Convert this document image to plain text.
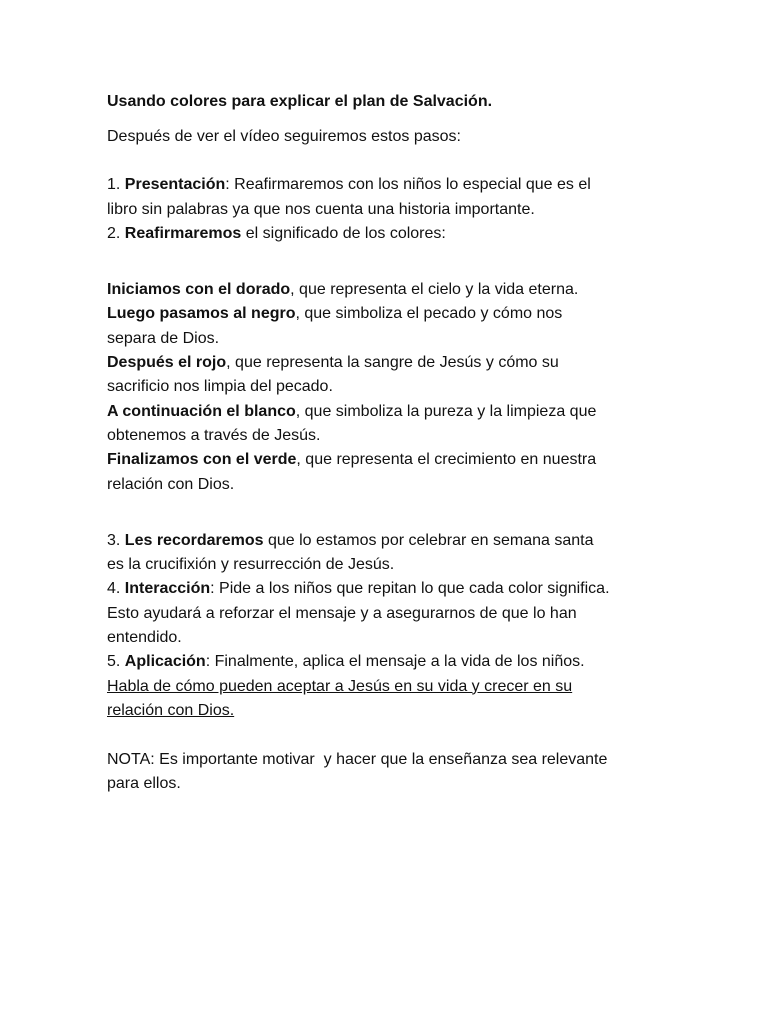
Usando colores para explicar el plan de Salvación.

Después de ver el vídeo seguiremos estos pasos:

1. Presentación: Reafirmaremos con los niños lo especial que es el

libro sin palabras ya que nos cuenta una historia importante.

2. Reafirmaremos el significado de los colores:

Iniciamos con el dorado, que representa el cielo y la vida eterna.

Luego pasamos al negro, que simboliza el pecado y cómo nos

separa de Dios.

Después el rojo, que representa la sangre de Jesús y cómo su

sacrificio nos limpia del pecado.

A continuación el blanco, que simboliza la pureza y la limpieza que

obtenemos a través de Jesús.

Finalizamos con el verde, que representa el crecimiento en nuestra

relación con Dios.

3. Les recordaremos que lo estamos por celebrar en semana santa

es la crucifixión y resurrección de Jesús.

4. Interacción: Pide a los niños que repitan lo que cada color significa.

Esto ayudará a reforzar el mensaje y a asegurarnos de que lo han

entendido.

5. Aplicación: Finalmente, aplica el mensaje a la vida de los niños.

Habla de cómo pueden aceptar a Jesús en su vida y crecer en su

relación con Dios.

NOTA: Es importante motivar  y hacer que la enseñanza sea relevante

para ellos.
